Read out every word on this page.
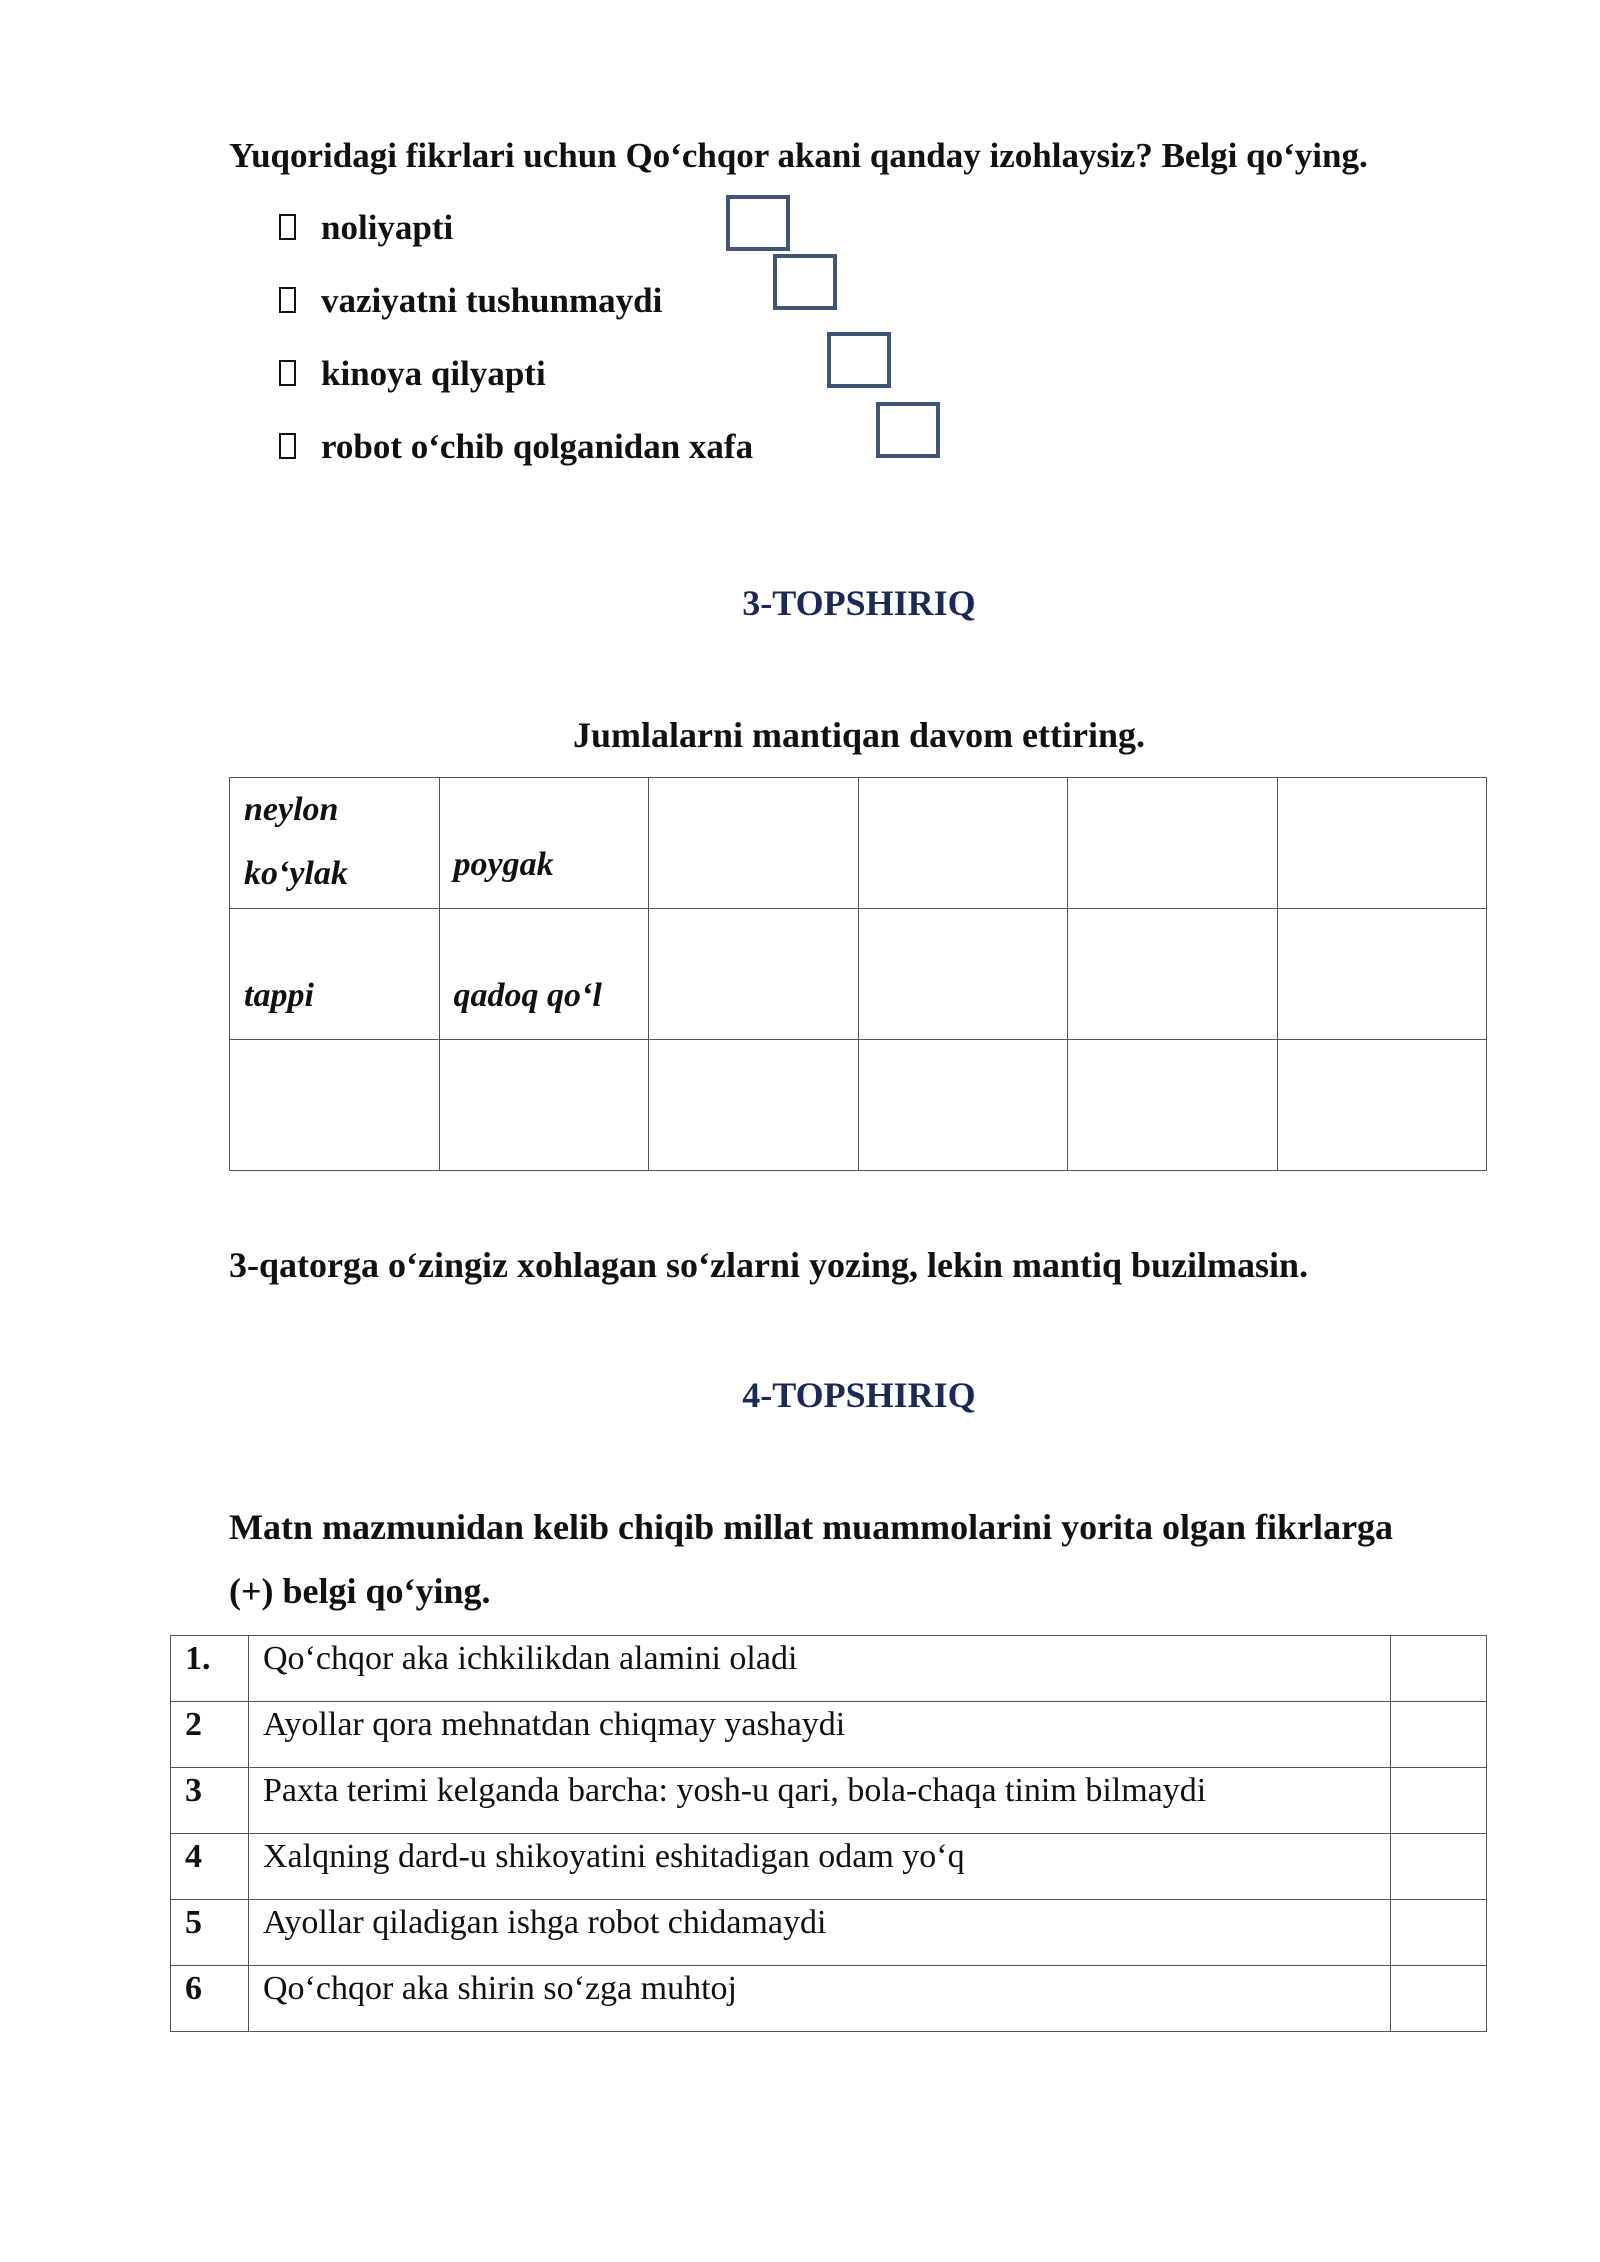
Yuqoridagi fikrlari uchun Qo‘chqor akani qanday izohlaysiz? Belgi qo‘ying.
noliyapti
vaziyatni tushunmaydi
kinoya qilyapti
robot o‘chib qolganidan xafa
3-TOPSHIRIQ
Jumlalarni mantiqan davom ettiring.
neylon
ko‘ylak	poygak				

tappi	qadoq qo‘l				

3-qatorga o‘zingiz xohlagan so‘zlarni yozing, lekin mantiq buzilmasin.
4-TOPSHIRIQ
Matn mazmunidan kelib chiqib millat muammolarini yorita olgan fikrlarga
(+) belgi qo‘ying.
1.	Qo‘chqor aka ichkilikdan alamini oladi	
2	Ayollar qora mehnatdan chiqmay yashaydi	
3	Paxta terimi kelganda barcha: yosh-u qari, bola-chaqa tinim bilmaydi	
4	Xalqning dard-u shikoyatini eshitadigan odam yo‘q	
5	Ayollar qiladigan ishga robot chidamaydi	
6	Qo‘chqor aka shirin so‘zga muhtoj	
